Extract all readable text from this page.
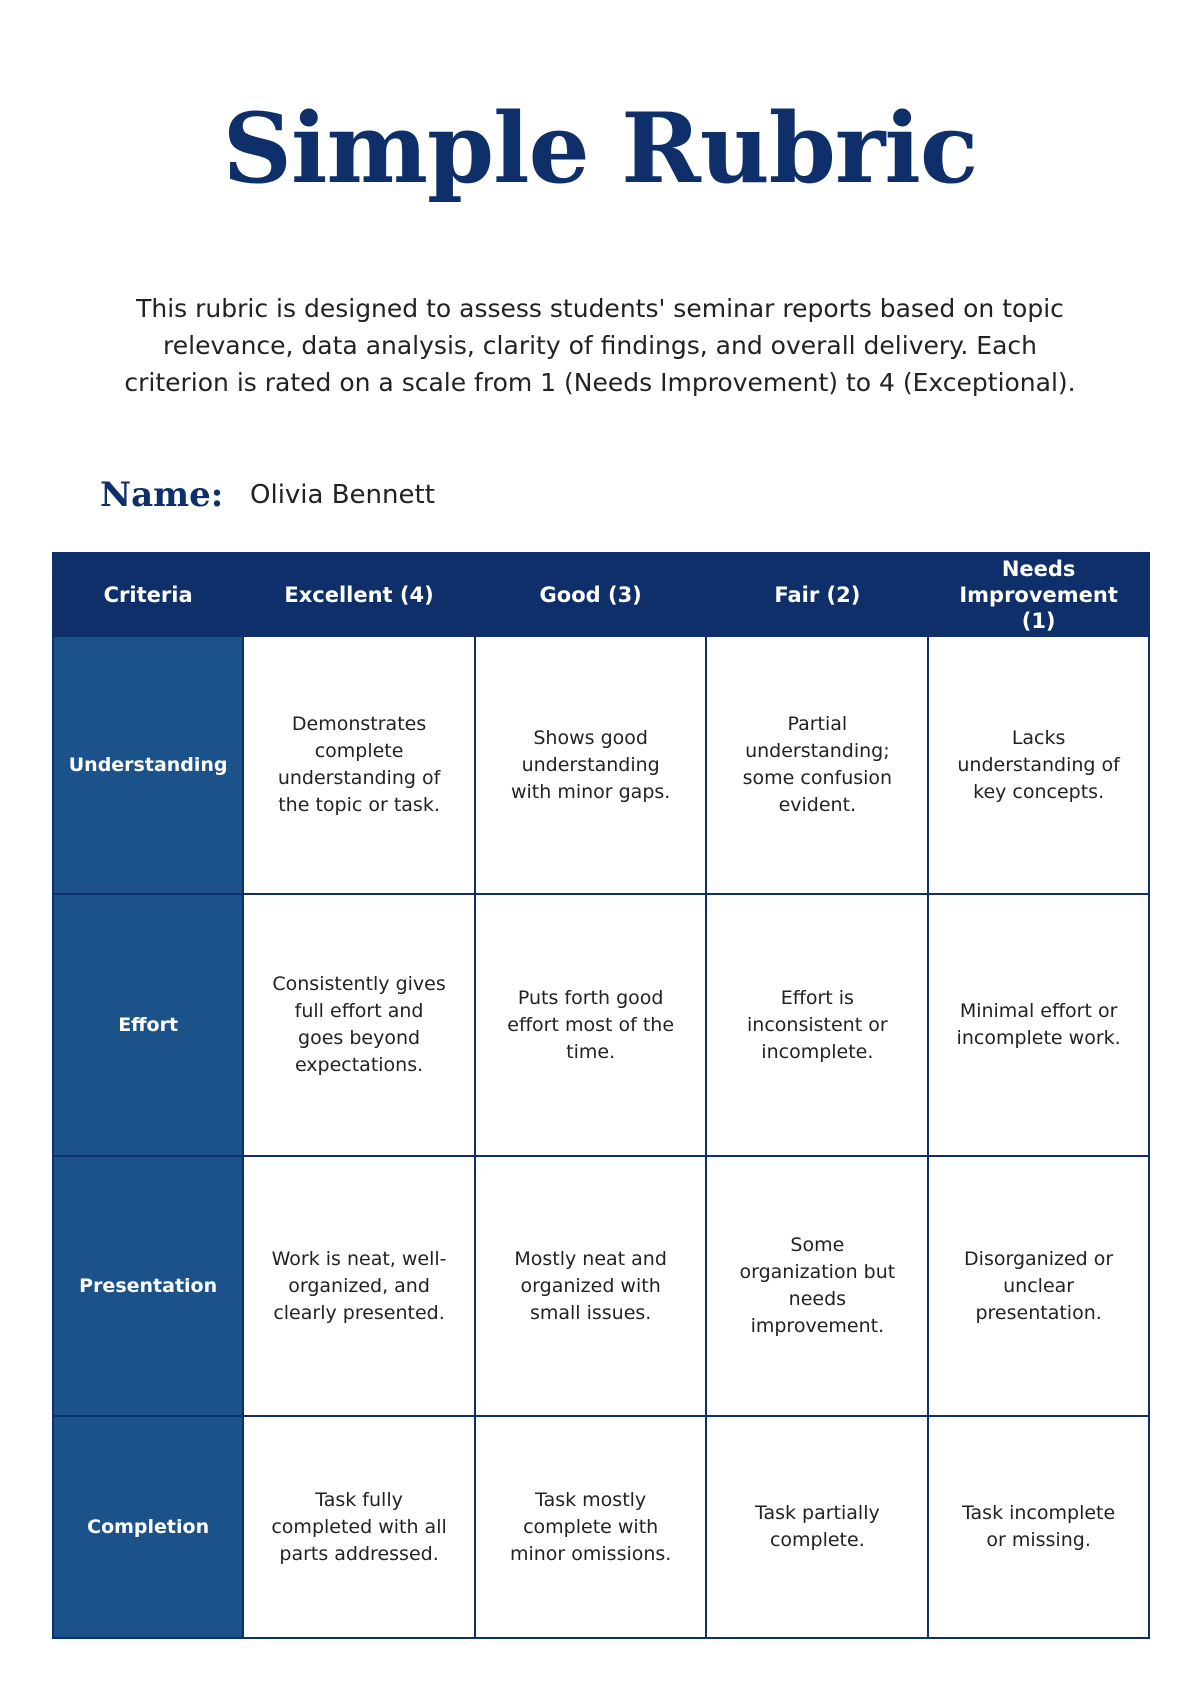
Simple Rubric

This rubric is designed to assess students' seminar reports based on topic relevance, data analysis, clarity of findings, and overall delivery. Each criterion is rated on a scale from 1 (Needs Improvement) to 4 (Exceptional).

Name:	Olivia Bennett
Criteria	Excellent (4)	Good (3)	Fair (2)	Needs Improvement (1)
Understanding	Demonstrates complete understanding of the topic or task.	Shows good understanding with minor gaps.	Partial understanding; some confusion evident.	Lacks understanding of key concepts.
Effort	Consistently gives full effort and goes beyond expectations.	Puts forth good effort most of the time.	Effort is inconsistent or incomplete.	Minimal effort or incomplete work.
Presentation	Work is neat, well-organized, and clearly presented.	Mostly neat and organized with small issues.	Some organization but needs improvement.	Disorganized or unclear presentation.
Completion	Task fully completed with all parts addressed.	Task mostly complete with minor omissions.	Task partially complete.	Task incomplete or missing.
